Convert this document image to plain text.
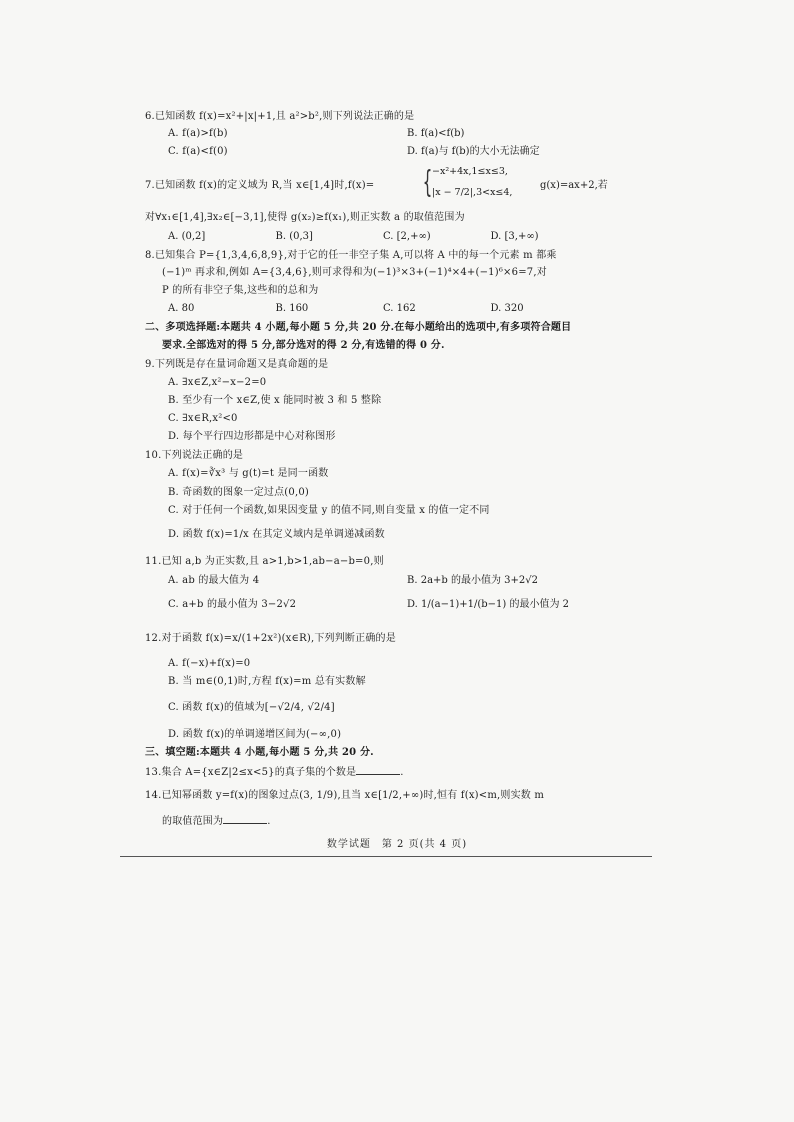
6.已知函数 f(x)=x²+|x|+1,且 a²>b²,则下列说法正确的是
A. f(a)>f(b)	B. f(a)<f(b)
C. f(a)<f(0)	D. f(a)与 f(b)的大小无法确定
7.已知函数 f(x)的定义域为 R,当 x∈[1,4]时,f(x)= { −x²+4x,1≤x≤3,
|x − 7/2|,3<x≤4,
g(x)=ax+2,若
对∀x₁∈[1,4],∃x₂∈[−3,1],使得 g(x₂)≥f(x₁),则正实数 a 的取值范围为
A. (0,2]	B. (0,3]	C. [2,+∞)	D. [3,+∞)
8.已知集合 P={1,3,4,6,8,9},对于它的任一非空子集 A,可以将 A 中的每一个元素 m 都乘
(−1)ᵐ 再求和,例如 A={3,4,6},则可求得和为(−1)³×3+(−1)⁴×4+(−1)⁶×6=7,对
P 的所有非空子集,这些和的总和为
A. 80	B. 160	C. 162	D. 320
二、多项选择题:本题共 4 小题,每小题 5 分,共 20 分.在每小题给出的选项中,有多项符合题目
要求.全部选对的得 5 分,部分选对的得 2 分,有选错的得 0 分.
9.下列既是存在量词命题又是真命题的是
A. ∃x∈Z,x²−x−2=0
B. 至少有一个 x∈Z,使 x 能同时被 3 和 5 整除
C. ∃x∈R,x²<0
D. 每个平行四边形都是中心对称图形
10.下列说法正确的是
A. f(x)=∛x³ 与 g(t)=t 是同一函数
B. 奇函数的图象一定过点(0,0)
C. 对于任何一个函数,如果因变量 y 的值不同,则自变量 x 的值一定不同
D. 函数 f(x)=1/x 在其定义域内是单调递减函数
11.已知 a,b 为正实数,且 a>1,b>1,ab−a−b=0,则
A. ab 的最大值为 4	B. 2a+b 的最小值为 3+2√2
C. a+b 的最小值为 3−2√2	D. 1/(a−1)+1/(b−1) 的最小值为 2
12.对于函数 f(x)=x/(1+2x²)(x∈R),下列判断正确的是
A. f(−x)+f(x)=0
B. 当 m∈(0,1)时,方程 f(x)=m 总有实数解
C. 函数 f(x)的值域为[−√2/4, √2/4]
D. 函数 f(x)的单调递增区间为(−∞,0)
三、填空题:本题共 4 小题,每小题 5 分,共 20 分.
13.集合 A={x∈Z|2≤x<5}的真子集的个数是	.
14.已知幂函数 y=f(x)的图象过点(3, 1/9),且当 x∈[1/2,+∞)时,恒有 f(x)<m,则实数 m
的取值范围为	.
数学试题　第 2 页(共 4 页)
